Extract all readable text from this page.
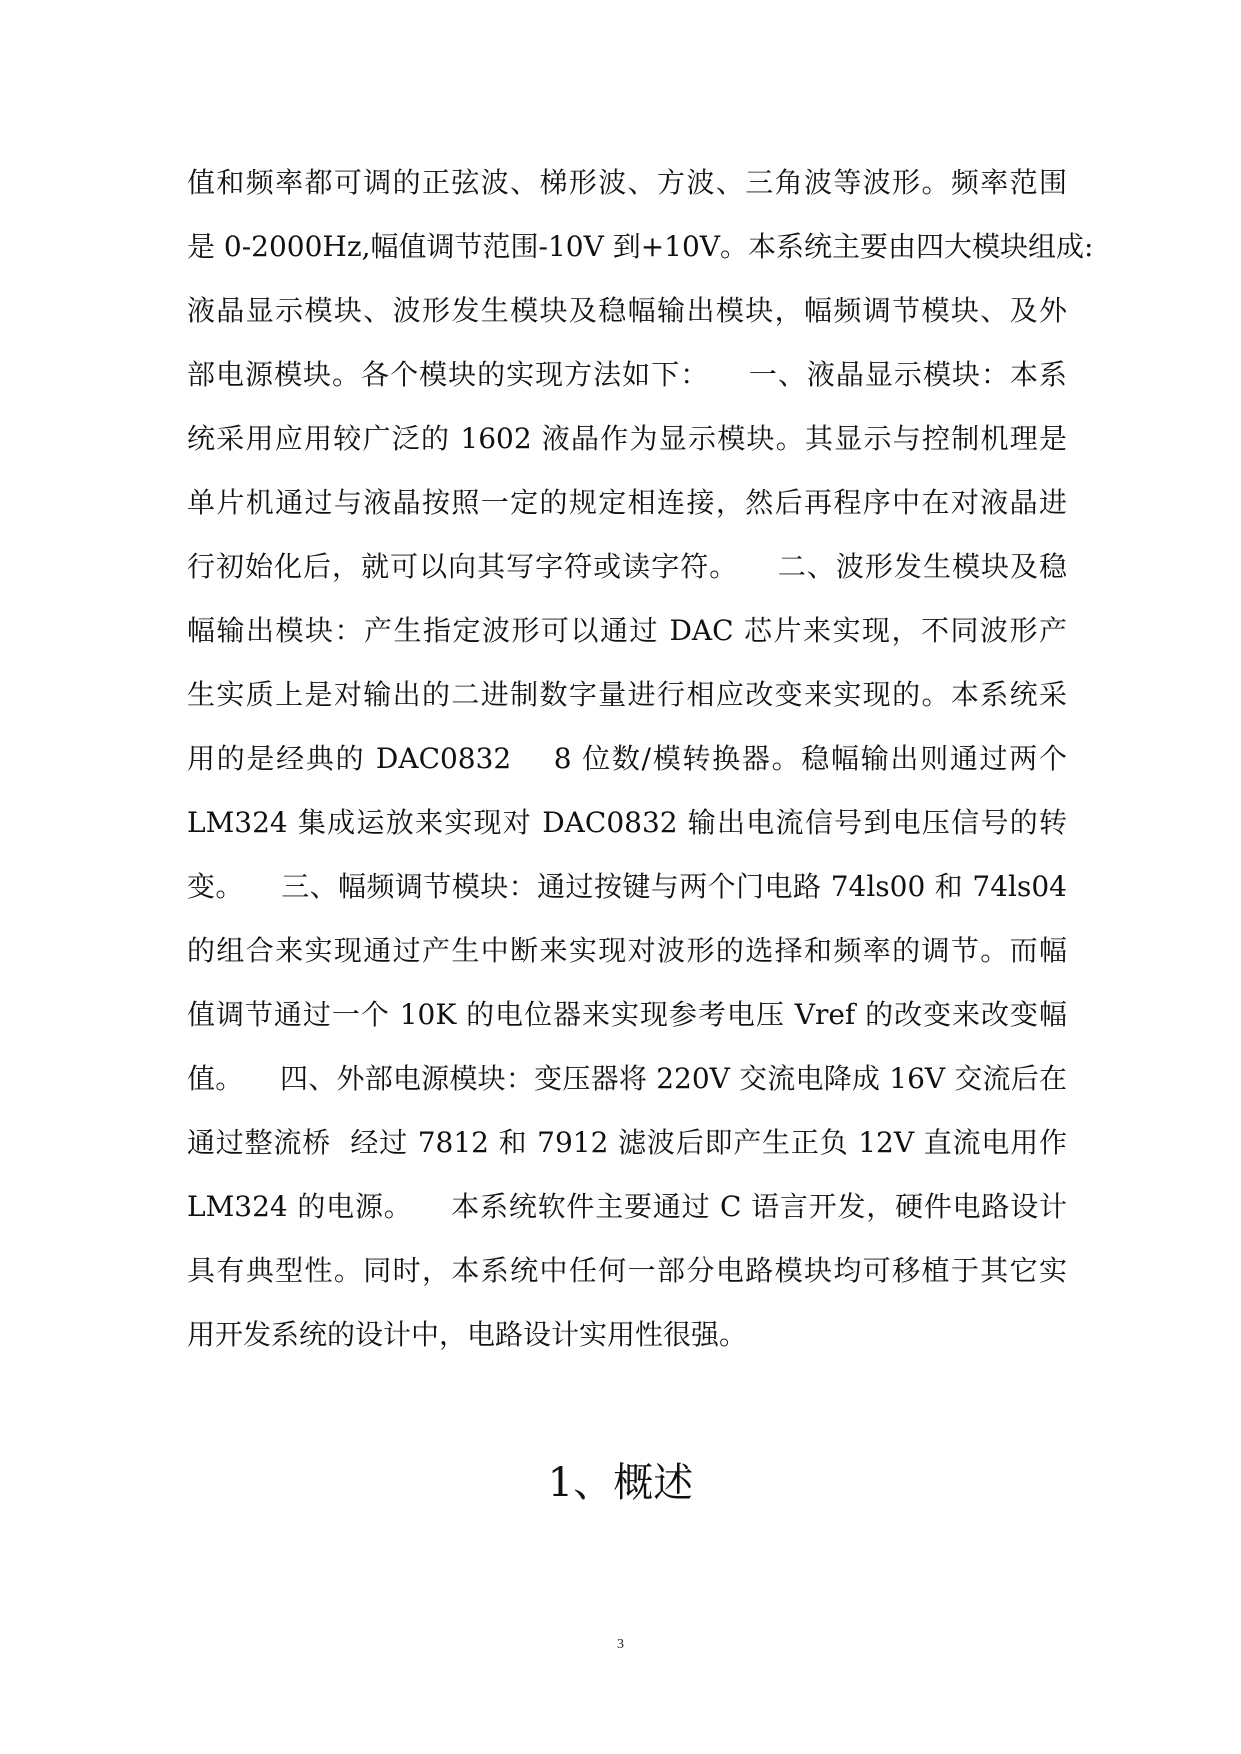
值和频率都可调的正弦波、梯形波、方波、三角波等波形。频率范围
是 0-2000Hz,幅值调节范围-10V 到+10V。本系统主要由四大模块组成:
液晶显示模块、波形发生模块及稳幅输出模块，幅频调节模块、及外
部电源模块。各个模块的实现方法如下：    一、液晶显示模块：本系
统采用应用较广泛的 1602 液晶作为显示模块。其显示与控制机理是
单片机通过与液晶按照一定的规定相连接，然后再程序中在对液晶进
行初始化后，就可以向其写字符或读字符。    二、波形发生模块及稳
幅输出模块：产生指定波形可以通过 DAC 芯片来实现，不同波形产
生实质上是对输出的二进制数字量进行相应改变来实现的。本系统采
用的是经典的 DAC0832    8 位数/模转换器。稳幅输出则通过两个
LM324 集成运放来实现对 DAC0832 输出电流信号到电压信号的转
变。    三、幅频调节模块：通过按键与两个门电路 74ls00 和 74ls04
的组合来实现通过产生中断来实现对波形的选择和频率的调节。而幅
值调节通过一个 10K 的电位器来实现参考电压 Vref 的改变来改变幅
值。    四、外部电源模块：变压器将 220V 交流电降成 16V 交流后在
通过整流桥  经过 7812 和 7912 滤波后即产生正负 12V 直流电用作
LM324 的电源。    本系统软件主要通过 C 语言开发，硬件电路设计
具有典型性。同时，本系统中任何一部分电路模块均可移植于其它实
用开发系统的设计中，电路设计实用性很强。
1、概述
3
